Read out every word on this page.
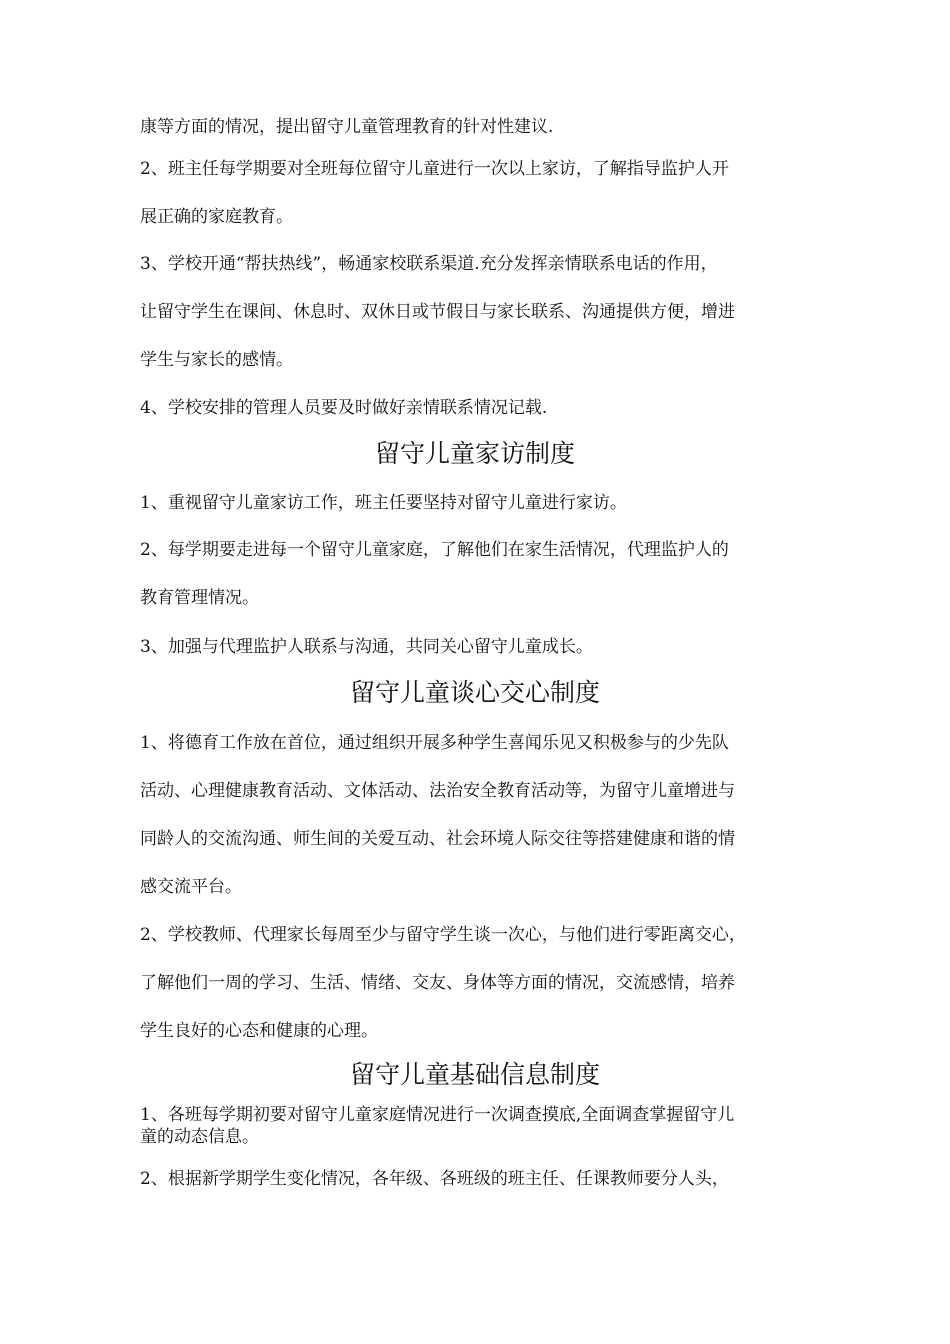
康等方面的情况，提出留守儿童管理教育的针对性建议.

2、班主任每学期要对全班每位留守儿童进行一次以上家访，了解指导监护人开
展正确的家庭教育。

3、学校开通“帮扶热线”，畅通家校联系渠道.充分发挥亲情联系电话的作用，
让留守学生在课间、休息时、双休日或节假日与家长联系、沟通提供方便，增进
学生与家长的感情。

4、学校安排的管理人员要及时做好亲情联系情况记载.

留守儿童家访制度

1、重视留守儿童家访工作，班主任要坚持对留守儿童进行家访。

2、每学期要走进每一个留守儿童家庭，了解他们在家生活情况，代理监护人的
教育管理情况。

3、加强与代理监护人联系与沟通，共同关心留守儿童成长。

留守儿童谈心交心制度

1、将德育工作放在首位，通过组织开展多种学生喜闻乐见又积极参与的少先队
活动、心理健康教育活动、文体活动、法治安全教育活动等，为留守儿童增进与
同龄人的交流沟通、师生间的关爱互动、社会环境人际交往等搭建健康和谐的情
感交流平台。

2、学校教师、代理家长每周至少与留守学生谈一次心，与他们进行零距离交心，
了解他们一周的学习、生活、情绪、交友、身体等方面的情况，交流感情，培养
学生良好的心态和健康的心理。

留守儿童基础信息制度

1、各班每学期初要对留守儿童家庭情况进行一次调查摸底,全面调查掌握留守儿
童的动态信息。

2、根据新学期学生变化情况，各年级、各班级的班主任、任课教师要分人头，
